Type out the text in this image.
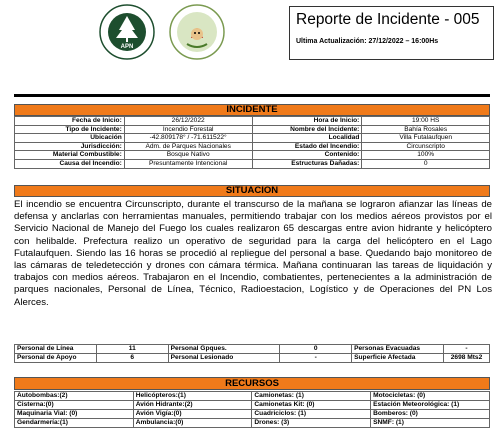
APN
Reporte de Incidente - 005
Ultima Actualización: 27/12/2022 – 16:00Hs
INCIDENTE
Fecha de Inicio:	26/12/2022	Hora de Inicio:	19:00 HS
Tipo de Incidente:	Incendio Forestal	Nombre del Incidente:	Bahía Rosales
Ubicación	-42.809178° / -71.611522°	Localidad	Villa Futalaufquen
Jurisdicción:	Adm. de Parques Nacionales	Estado del Incendio:	Circunscripto
Material Combustible:	Bosque Nativo	Contenido:	100%
Causa del Incendio:	Presuntamente Intencional	Estructuras Dañadas:	0
SITUACION
El incendio se encuentra Circunscripto, durante el transcurso de la mañana se lograron afianzar las líneas de defensa y anclarlas con herramientas manuales, permitiendo trabajar con los medios aéreos provistos por el Servicio Nacional de Manejo del Fuego los cuales realizaron 65 descargas entre avion hidrante y helicóptero con helibalde. Prefectura realizo un operativo de seguridad para la carga del helicóptero en el Lago Futalaufquen. Siendo las 16 horas se procedió al repliegue del personal a base. Quedando bajo monitoreo de las cámaras de teledetección y drones con cámara térmica. Mañana continuaran las tareas de liquidación y trabajos con medios aéreos. Trabajaron en el Incendio, combatientes, pertenecientes a la administración de parques nacionales, Personal de Línea, Técnico, Radioestacion, Logístico y de Operaciones del PN Los Alerces.
Personal de Línea	11	Personal Gpques.	0	Personas Evacuadas	-
Personal de Apoyo	6	Personal Lesionado	-	Superficie Afectada	2698 Mts2
RECURSOS
Autobombas:(2)	Helicópteros:(1)	Camionetas: (1)	Motocicletas: (0)
Cisterna:(0)	Avión Hidrante:(2)	Camionetas Kit: (0)	Estación Meteorológica: (1)
Maquinaria Vial: (0)	Avión Vigía:(0)	Cuadriciclos: (1)	Bomberos: (0)
Gendarmería:(1)	Ambulancia:(0)	Drones: (3)	SNMF: (1)
